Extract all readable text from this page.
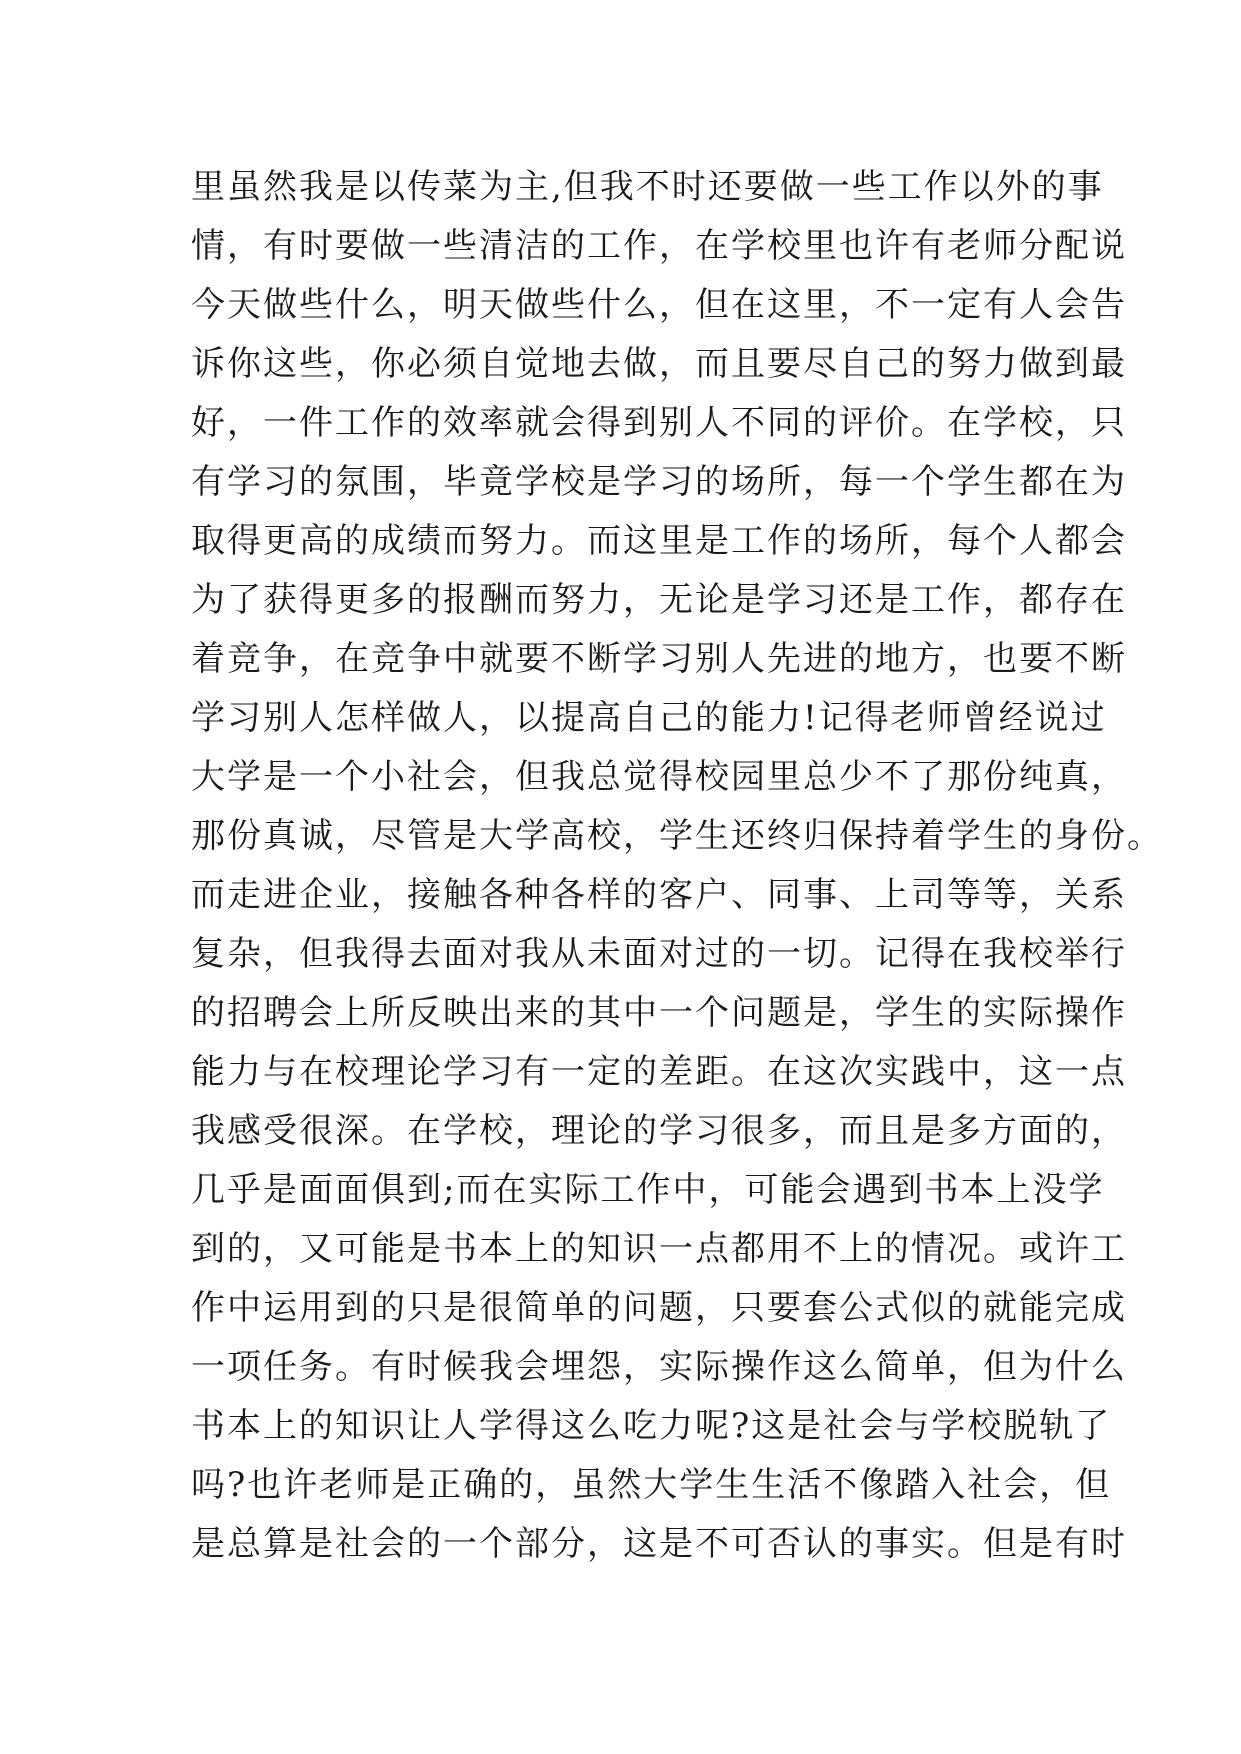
里虽然我是以传菜为主,但我不时还要做一些工作以外的事
情，有时要做一些清洁的工作，在学校里也许有老师分配说
今天做些什么，明天做些什么，但在这里，不一定有人会告
诉你这些，你必须自觉地去做，而且要尽自己的努力做到最
好，一件工作的效率就会得到别人不同的评价。在学校，只
有学习的氛围，毕竟学校是学习的场所，每一个学生都在为
取得更高的成绩而努力。而这里是工作的场所，每个人都会
为了获得更多的报酬而努力，无论是学习还是工作，都存在
着竞争，在竞争中就要不断学习别人先进的地方，也要不断
学习别人怎样做人，以提高自己的能力!记得老师曾经说过
大学是一个小社会，但我总觉得校园里总少不了那份纯真，
那份真诚，尽管是大学高校，学生还终归保持着学生的身份。
而走进企业，接触各种各样的客户、同事、上司等等，关系
复杂，但我得去面对我从未面对过的一切。记得在我校举行
的招聘会上所反映出来的其中一个问题是，学生的实际操作
能力与在校理论学习有一定的差距。在这次实践中，这一点
我感受很深。在学校，理论的学习很多，而且是多方面的，
几乎是面面俱到;而在实际工作中，可能会遇到书本上没学
到的，又可能是书本上的知识一点都用不上的情况。或许工
作中运用到的只是很简单的问题，只要套公式似的就能完成
一项任务。有时候我会埋怨，实际操作这么简单，但为什么
书本上的知识让人学得这么吃力呢?这是社会与学校脱轨了
吗?也许老师是正确的，虽然大学生生活不像踏入社会，但
是总算是社会的一个部分，这是不可否认的事实。但是有时
